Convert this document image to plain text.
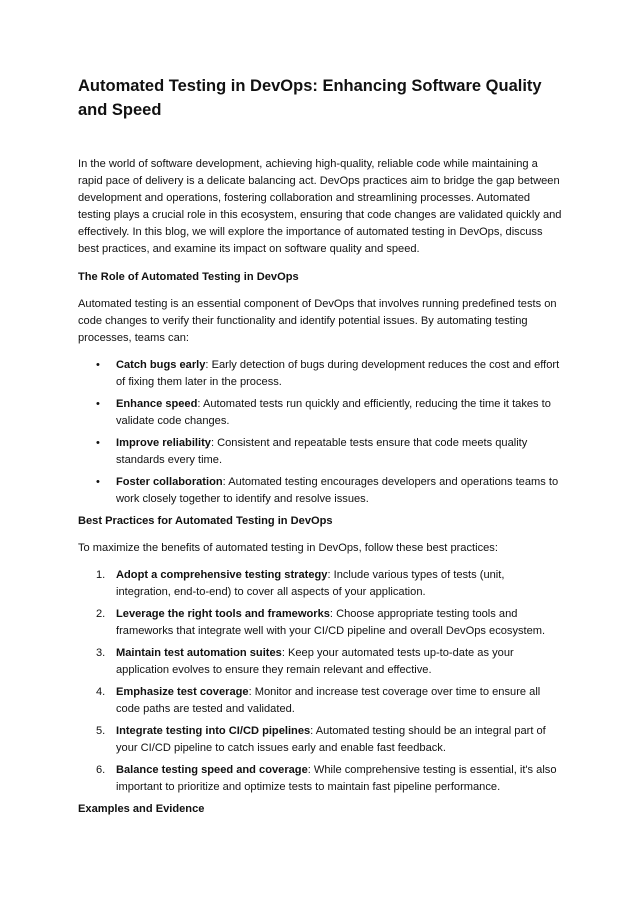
Automated Testing in DevOps: Enhancing Software Quality and Speed

In the world of software development, achieving high-quality, reliable code while maintaining a rapid pace of delivery is a delicate balancing act. DevOps practices aim to bridge the gap between development and operations, fostering collaboration and streamlining processes. Automated testing plays a crucial role in this ecosystem, ensuring that code changes are validated quickly and effectively. In this blog, we will explore the importance of automated testing in DevOps, discuss best practices, and examine its impact on software quality and speed.

The Role of Automated Testing in DevOps

Automated testing is an essential component of DevOps that involves running predefined tests on code changes to verify their functionality and identify potential issues. By automating testing processes, teams can:

• Catch bugs early: Early detection of bugs during development reduces the cost and effort of fixing them later in the process.
• Enhance speed: Automated tests run quickly and efficiently, reducing the time it takes to validate code changes.
• Improve reliability: Consistent and repeatable tests ensure that code meets quality standards every time.
• Foster collaboration: Automated testing encourages developers and operations teams to work closely together to identify and resolve issues.
Best Practices for Automated Testing in DevOps

To maximize the benefits of automated testing in DevOps, follow these best practices:

1. Adopt a comprehensive testing strategy: Include various types of tests (unit, integration, end-to-end) to cover all aspects of your application.
2. Leverage the right tools and frameworks: Choose appropriate testing tools and frameworks that integrate well with your CI/CD pipeline and overall DevOps ecosystem.
3. Maintain test automation suites: Keep your automated tests up-to-date as your application evolves to ensure they remain relevant and effective.
4. Emphasize test coverage: Monitor and increase test coverage over time to ensure all code paths are tested and validated.
5. Integrate testing into CI/CD pipelines: Automated testing should be an integral part of your CI/CD pipeline to catch issues early and enable fast feedback.
6. Balance testing speed and coverage: While comprehensive testing is essential, it's also important to prioritize and optimize tests to maintain fast pipeline performance.
Examples and Evidence
